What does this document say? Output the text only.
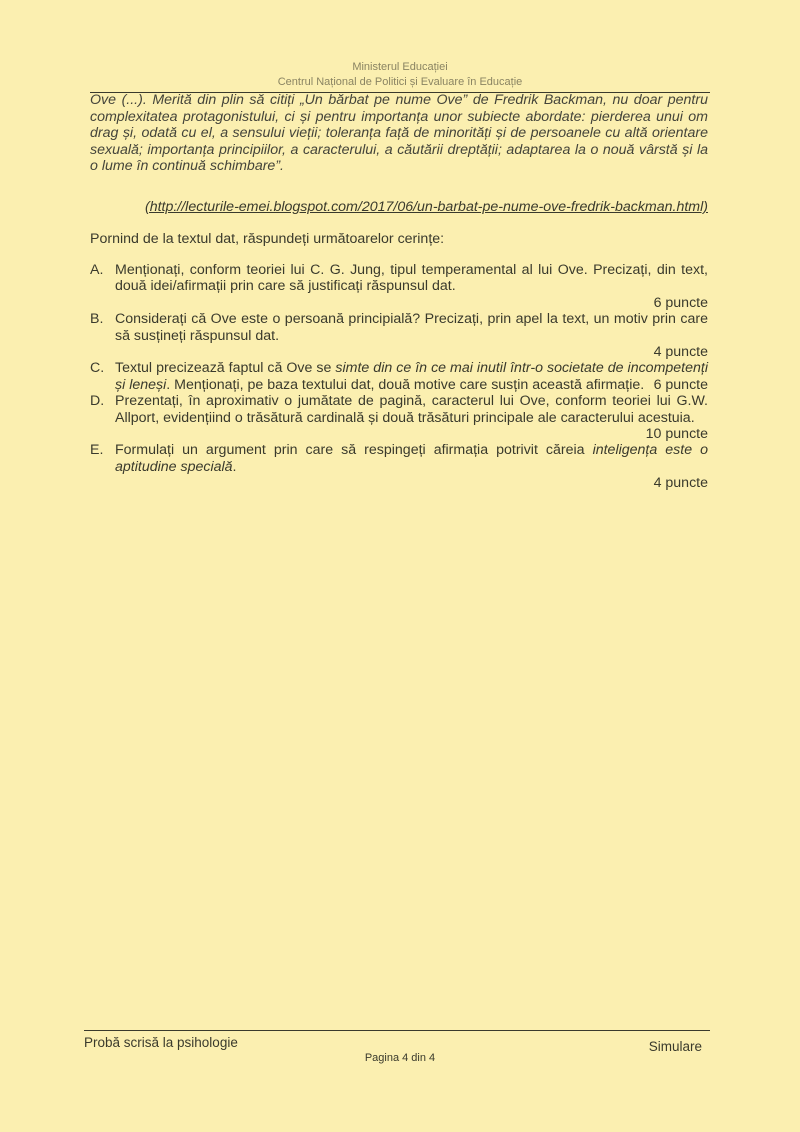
Ministerul Educației
Centrul Național de Politici și Evaluare în Educație
Ove (...). Merită din plin să citiți „Un bărbat pe nume Ove” de Fredrik Backman, nu doar pentru complexitatea protagonistului, ci și pentru importanța unor subiecte abordate: pierderea unui om drag și, odată cu el, a sensului vieții; toleranța față de minorități și de persoanele cu altă orientare sexuală; importanța principiilor, a caracterului, a căutării dreptății; adaptarea la o nouă vârstă și la o lume în continuă schimbare”.
(http://lecturile-emei.blogspot.com/2017/06/un-barbat-pe-nume-ove-fredrik-backman.html)
Pornind de la textul dat, răspundeți următoarelor cerințe:
A. Menționați, conform teoriei lui C. G. Jung, tipul temperamental al lui Ove. Precizați, din text, două idei/afirmații prin care să justificați răspunsul dat.
6 puncte
B. Considerați că Ove este o persoană principială? Precizați, prin apel la text, un motiv prin care să susțineți răspunsul dat.
4 puncte
C. Textul precizează faptul că Ove se simte din ce în ce mai inutil într-o societate de incompetenți și leneși. Menționați, pe baza textului dat, două motive care susțin această afirmație. 6 puncte
D. Prezentați, în aproximativ o jumătate de pagină, caracterul lui Ove, conform teoriei lui G.W. Allport, evidențiind o trăsătură cardinală și două trăsături principale ale caracterului acestuia.
10 puncte
E. Formulați un argument prin care să respingeți afirmația potrivit căreia inteligența este o aptitudine specială.
4 puncte
Probă scrisă la psihologie	Simulare
Pagina 4 din 4
